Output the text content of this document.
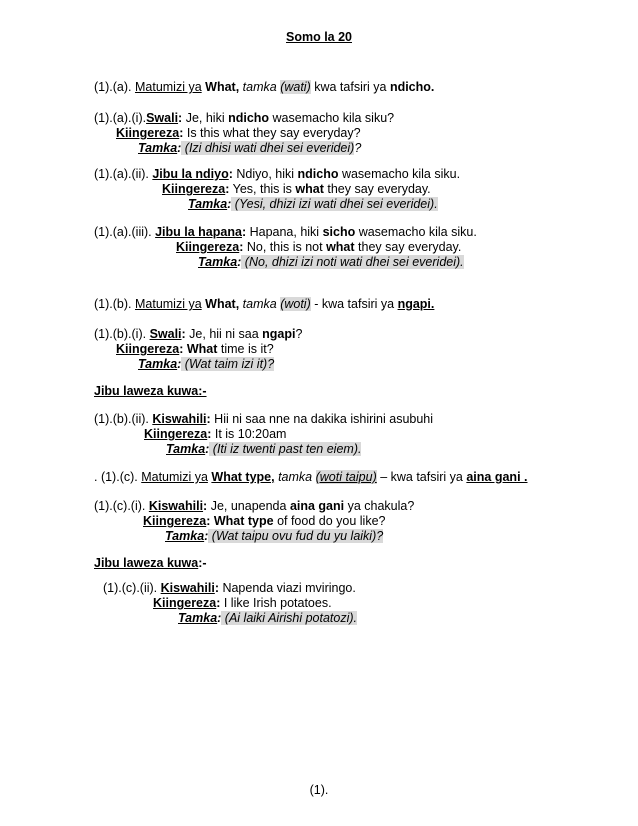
Somo la 20
(1).(a). Matumizi ya What, tamka (wati) kwa tafsiri ya ndicho.
(1).(a).(i).Swali: Je, hiki ndicho wasemacho kila siku?
Kiingereza: Is this what they say everyday?
Tamka: (Izi dhisi wati dhei sei everidei)?
(1).(a).(ii). Jibu la ndiyo: Ndiyo, hiki ndicho wasemacho kila siku.
Kiingereza: Yes, this is what they say everyday.
Tamka: (Yesi, dhizi izi wati dhei sei everidei).
(1).(a).(iii). Jibu la hapana: Hapana, hiki sicho wasemacho kila siku.
Kiingereza: No, this is not what they say everyday.
Tamka: (No, dhizi izi noti wati dhei sei everidei).
(1).(b). Matumizi ya What, tamka (woti) - kwa tafsiri ya ngapi.
(1).(b).(i). Swali: Je, hii ni saa ngapi?
Kiingereza: What time is it?
Tamka: (Wat taim izi it)?
Jibu laweza kuwa:-
(1).(b).(ii). Kiswahili: Hii ni saa nne na dakika ishirini asubuhi
Kiingereza: It is 10:20am
Tamka: (Iti iz twenti past ten eiem).
. (1).(c). Matumizi ya What type, tamka (woti taipu) – kwa tafsiri ya aina gani .
(1).(c).(i). Kiswahili: Je, unapenda aina gani ya chakula?
Kiingereza: What type of food do you like?
Tamka: (Wat taipu ovu fud du yu laiki)?
Jibu laweza kuwa:-
(1).(c).(ii). Kiswahili: Napenda viazi mviringo.
Kiingereza: I like Irish potatoes.
Tamka: (Ai laiki Airishi potatozi).
(1).
